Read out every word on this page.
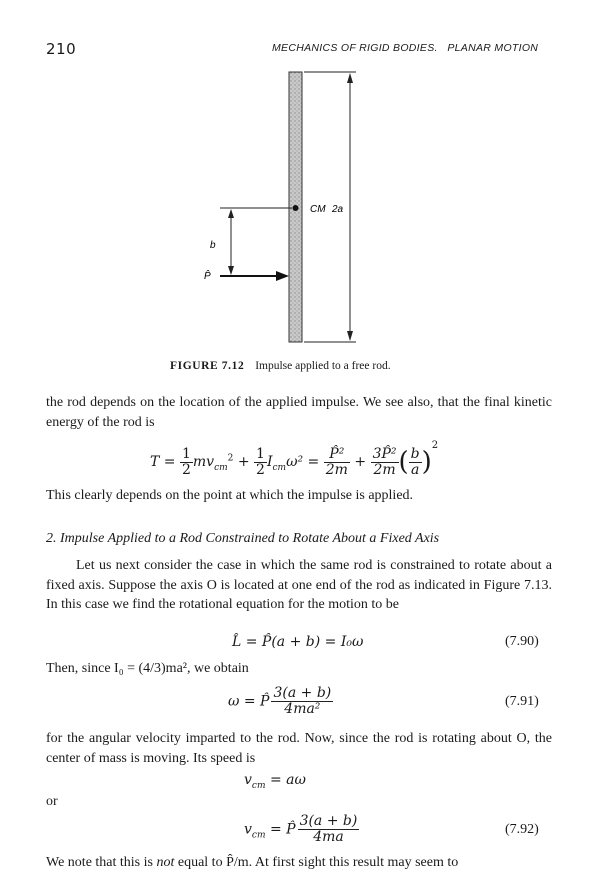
210	MECHANICS OF RIGID BODIES.   PLANAR MOTION
CM 2a
b
P̂
FIGURE 7.12 Impulse applied to a free rod.
the rod depends on the location of the applied impulse. We see also, that the final kinetic energy of the rod is
$T = \frac{1}{2} mv_{cm}^2 + \frac{1}{2} I_{cm}\omega^2 = \frac{\text{P̂²}}{2m} + \frac{\text{3P̂²}}{2m}$ ( $\frac{b}{a} )^2$
This clearly depends on the point at which the impulse is applied.
2. Impulse Applied to a Rod Constrained to Rotate About a Fixed Axis
Let us next consider the case in which the same rod is constrained to rotate about a fixed axis. Suppose the axis O is located at one end of the rod as indicated in Figure 7.13. In this case we find the rotational equation for the motion to be
L̂ = P̂(a + b) = I₀ω	(7.90)
Then, since I₀ = (4/3)ma², we obtain
ω = P̂ $\frac{3(a + b)}{\text{4ma²}}$	(7.91)
for the angular velocity imparted to the rod. Now, since the rod is rotating about O, the center of mass is moving. Its speed is
$v_{cm} = a\omega$
or
$v_{cm}$ = P̂ $\frac{3(a + b)}{4ma}$	(7.92)
We note that this is not equal to P̂/m. At first sight this result may seem to
